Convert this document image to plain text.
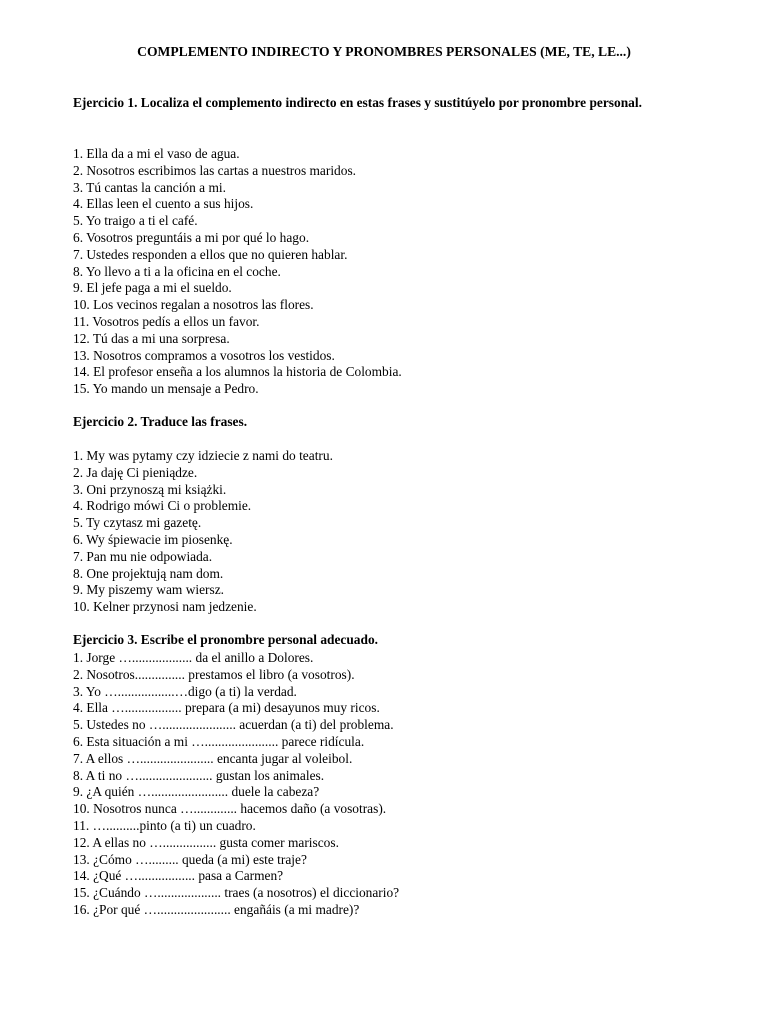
COMPLEMENTO INDIRECTO Y PRONOMBRES PERSONALES (ME, TE, LE...)
Ejercicio 1. Localiza el complemento indirecto en estas frases y sustitúyelo por pronombre personal.
1. Ella da a mi el vaso de agua.
2. Nosotros escribimos las cartas a nuestros maridos.
3. Tú cantas la canción a mi.
4. Ellas leen el cuento a sus hijos.
5. Yo traigo a ti el café.
6. Vosotros preguntáis a mi por qué lo hago.
7. Ustedes responden a ellos que no quieren hablar.
8. Yo llevo a ti a la oficina en el coche.
9. El jefe paga a mi el sueldo.
10. Los vecinos regalan a nosotros las flores.
11. Vosotros pedís a ellos un favor.
12. Tú das a mi una sorpresa.
13. Nosotros compramos a vosotros los vestidos.
14. El profesor enseña a los alumnos la historia de Colombia.
15. Yo mando un mensaje a Pedro.
Ejercicio 2. Traduce las frases.
1. My was pytamy czy idziecie z nami do teatru.
2. Ja daję Ci pieniądze.
3. Oni przynoszą mi książki.
4. Rodrigo mówi Ci o problemie.
5. Ty czytasz mi gazetę.
6. Wy śpiewacie im piosenkę.
7. Pan mu nie odpowiada.
8. One projektują nam dom.
9. My piszemy wam wiersz.
10. Kelner przynosi nam jedzenie.
Ejercicio 3. Escribe el pronombre personal adecuado.
1. Jorge ….................. da el anillo a Dolores.
2. Nosotros............... prestamos el libro (a vosotros).
3. Yo ….................…digo (a ti) la verdad.
4. Ella …................. prepara (a mi) desayunos muy ricos.
5. Ustedes no …...................... acuerdan (a ti) del problema.
6. Esta situación a mi …...................... parece ridícula.
7. A ellos …...................... encanta jugar al voleibol.
8. A ti no …...................... gustan los animales.
9. ¿A quién …....................... duele la cabeza?
10. Nosotros nunca …............. hacemos daño (a vosotras).
11. …..........pinto (a ti) un cuadro.
12. A ellas no …................ gusta comer mariscos.
13. ¿Cómo …......... queda (a mi) este traje?
14. ¿Qué …................. pasa a Carmen?
15. ¿Cuándo …................... traes (a nosotros) el diccionario?
16. ¿Por qué …...................... engañáis (a mi madre)?
